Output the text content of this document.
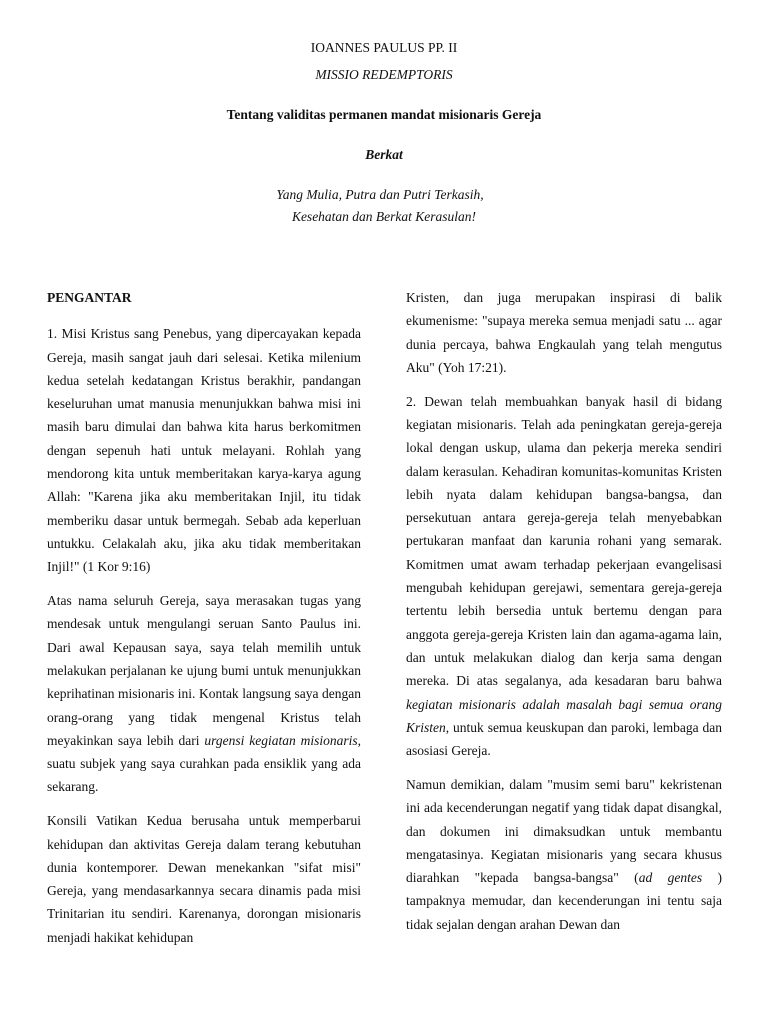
IOANNES PAULUS PP. II
MISSIO REDEMPTORIS
Tentang validitas permanen mandat misionaris Gereja
Berkat
Yang Mulia, Putra dan Putri Terkasih,
Kesehatan dan Berkat Kerasulan!

PENGANTAR

1. Misi Kristus sang Penebus, yang dipercayakan kepada Gereja, masih sangat jauh dari selesai. Ketika milenium kedua setelah kedatangan Kristus berakhir, pandangan keseluruhan umat manusia menunjukkan bahwa misi ini masih baru dimulai dan bahwa kita harus berkomitmen dengan sepenuh hati untuk melayani. Rohlah yang mendorong kita untuk memberitakan karya-karya agung Allah: "Karena jika aku memberitakan Injil, itu tidak memberiku dasar untuk bermegah. Sebab ada keperluan untukku. Celakalah aku, jika aku tidak memberitakan Injil!" (1 Kor 9:16)

Atas nama seluruh Gereja, saya merasakan tugas yang mendesak untuk mengulangi seruan Santo Paulus ini. Dari awal Kepausan saya, saya telah memilih untuk melakukan perjalanan ke ujung bumi untuk menunjukkan keprihatinan misionaris ini. Kontak langsung saya dengan orang-orang yang tidak mengenal Kristus telah meyakinkan saya lebih dari urgensi kegiatan misionaris, suatu subjek yang saya curahkan pada ensiklik yang ada sekarang.

Konsili Vatikan Kedua berusaha untuk memperbarui kehidupan dan aktivitas Gereja dalam terang kebutuhan dunia kontemporer. Dewan menekankan "sifat misi" Gereja, yang mendasarkannya secara dinamis pada misi Trinitarian itu sendiri. Karenanya, dorongan misionaris menjadi hakikat kehidupan

Kristen, dan juga merupakan inspirasi di balik ekumenisme: "supaya mereka semua menjadi satu ... agar dunia percaya, bahwa Engkaulah yang telah mengutus Aku" (Yoh 17:21).

2. Dewan telah membuahkan banyak hasil di bidang kegiatan misionaris. Telah ada peningkatan gereja-gereja lokal dengan uskup, ulama dan pekerja mereka sendiri dalam kerasulan. Kehadiran komunitas-komunitas Kristen lebih nyata dalam kehidupan bangsa-bangsa, dan persekutuan antara gereja-gereja telah menyebabkan pertukaran manfaat dan karunia rohani yang semarak. Komitmen umat awam terhadap pekerjaan evangelisasi mengubah kehidupan gerejawi, sementara gereja-gereja tertentu lebih bersedia untuk bertemu dengan para anggota gereja-gereja Kristen lain dan agama-agama lain, dan untuk melakukan dialog dan kerja sama dengan mereka. Di atas segalanya, ada kesadaran baru bahwa kegiatan misionaris adalah masalah bagi semua orang Kristen, untuk semua keuskupan dan paroki, lembaga dan asosiasi Gereja.

Namun demikian, dalam "musim semi baru" kekristenan ini ada kecenderungan negatif yang tidak dapat disangkal, dan dokumen ini dimaksudkan untuk membantu mengatasinya. Kegiatan misionaris yang secara khusus diarahkan "kepada bangsa-bangsa" (ad gentes ) tampaknya memudar, dan kecenderungan ini tentu saja tidak sejalan dengan arahan Dewan dan
